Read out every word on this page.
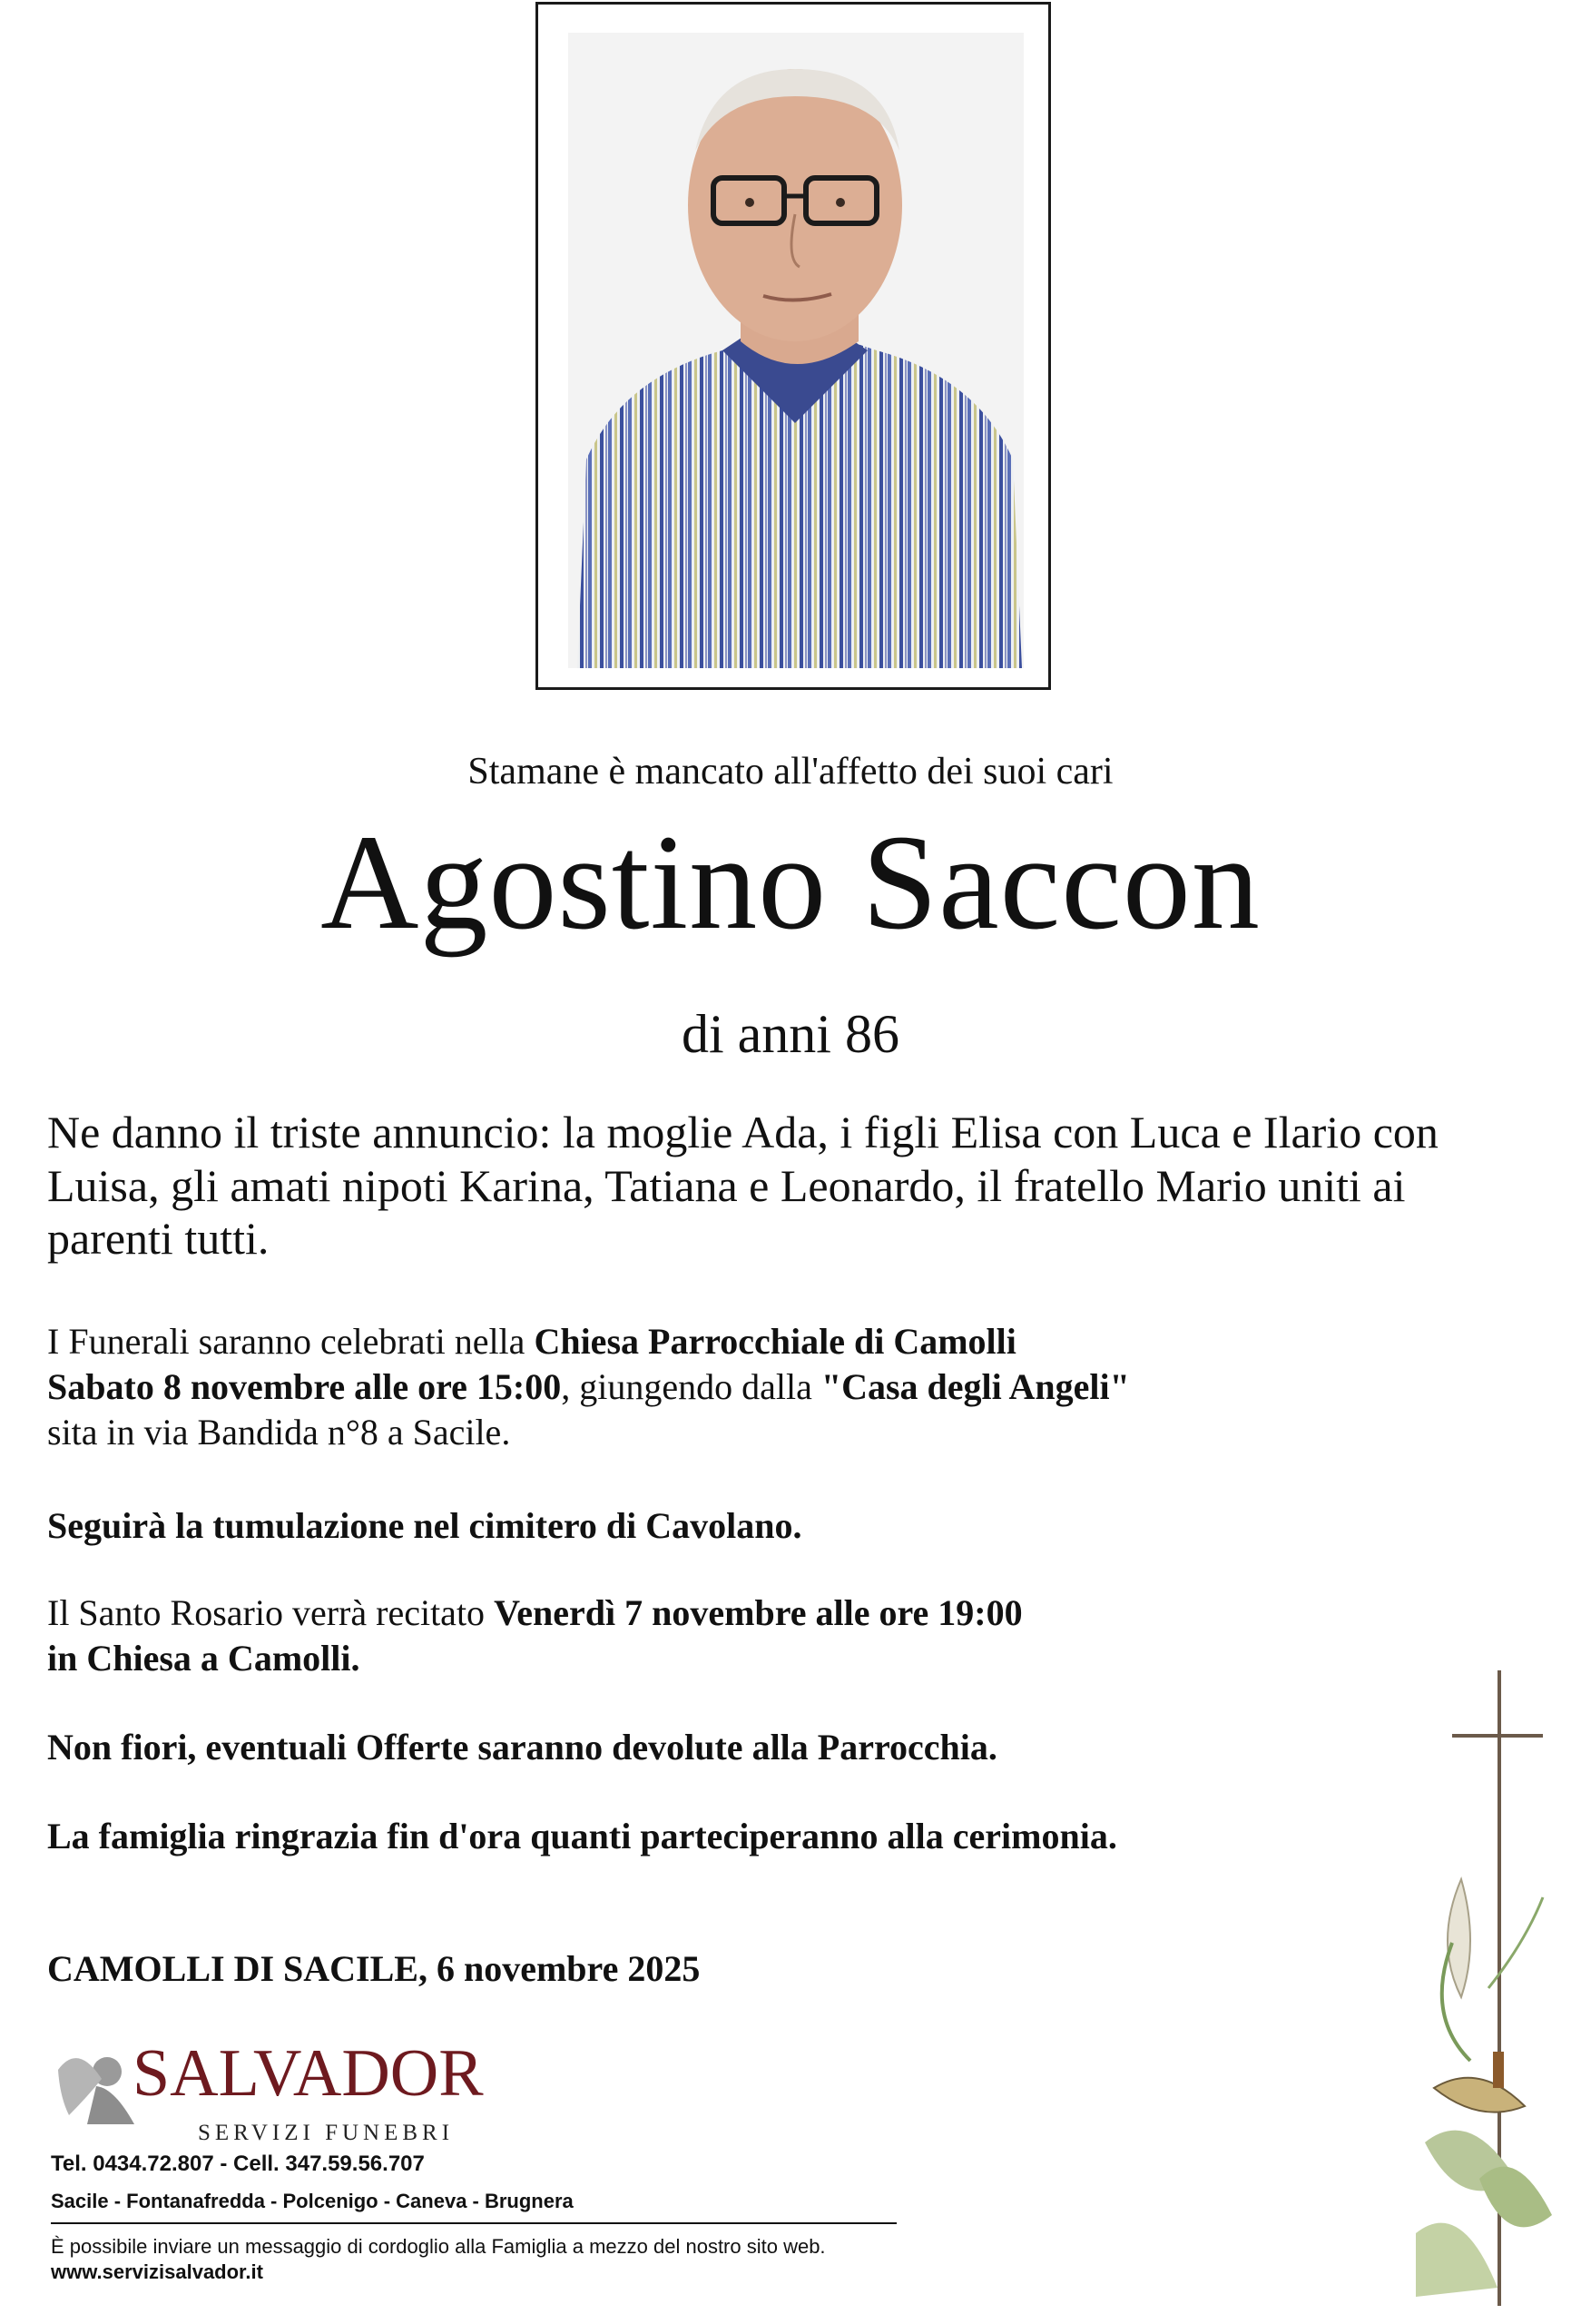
Stamane è mancato all'affetto dei suoi cari
Agostino Saccon
di anni 86
Ne danno il triste annuncio: la moglie Ada, i figli Elisa con Luca e Ilario con Luisa, gli amati nipoti Karina, Tatiana e Leonardo, il fratello Mario uniti ai parenti tutti.
I Funerali saranno celebrati nella Chiesa Parrocchiale di Camolli
Sabato 8 novembre alle ore 15:00, giungendo dalla "Casa degli Angeli"
sita in via Bandida n°8 a Sacile.
Seguirà la tumulazione nel cimitero di Cavolano.
Il Santo Rosario verrà recitato Venerdì 7 novembre alle ore 19:00
in Chiesa a Camolli.
Non fiori, eventuali Offerte saranno devolute alla Parrocchia.
La famiglia ringrazia fin d'ora quanti parteciperanno alla cerimonia.
CAMOLLI DI SACILE, 6 novembre 2025
SALVADOR
SERVIZI FUNEBRI
Tel. 0434.72.807 - Cell. 347.59.56.707
Sacile - Fontanafredda - Polcenigo - Caneva - Brugnera
È possibile inviare un messaggio di cordoglio alla Famiglia a mezzo del nostro sito web.
www.servizisalvador.it
